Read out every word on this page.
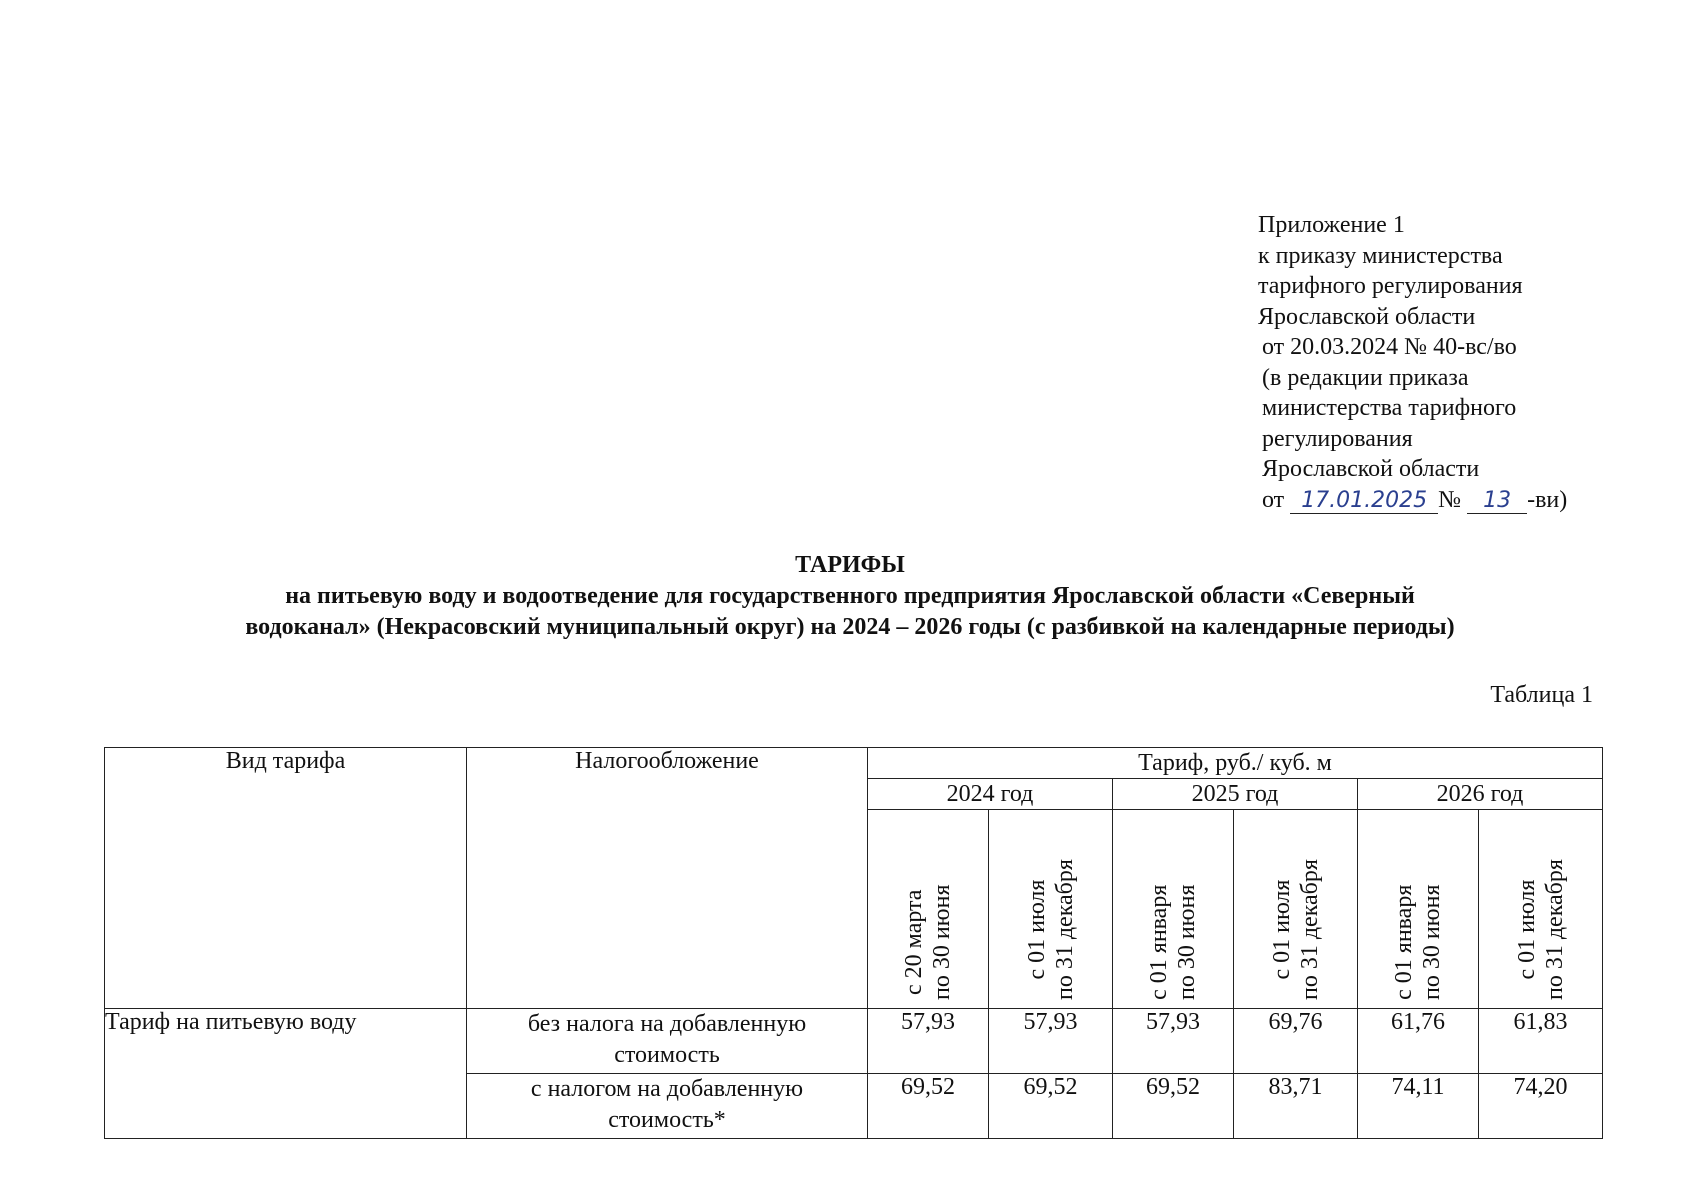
Приложение 1
к приказу министерства
тарифного регулирования
Ярославской области
от 20.03.2024 № 40-вс/во
(в редакции приказа
министерства тарифного
регулирования
Ярославской области
от 17.01.2025 № 13 -ви)
ТАРИФЫ
на питьевую воду и водоотведение для государственного предприятия Ярославской области «Северный
водоканал» (Некрасовский муниципальный округ) на 2024 – 2026 годы (с разбивкой на календарные периоды)
Таблица 1
Вид тарифа	Налогообложение	Тариф, руб./ куб. м					
		2024 год		2025 год		2026 год	

		с 20 марта по 30 июня	с 01 июля по 31 декабря	с 01 января по 30 июня	с 01 июля по 31 декабря	с 01 января по 30 июня	с 01 июля по 31 декабря

Тариф на питьевую воду	без налога на добавленную
стоимость	57,93	57,93	57,93	69,76	61,76	61,83
	с налогом на добавленную
стоимость*	69,52	69,52	69,52	83,71	74,11	74,20
